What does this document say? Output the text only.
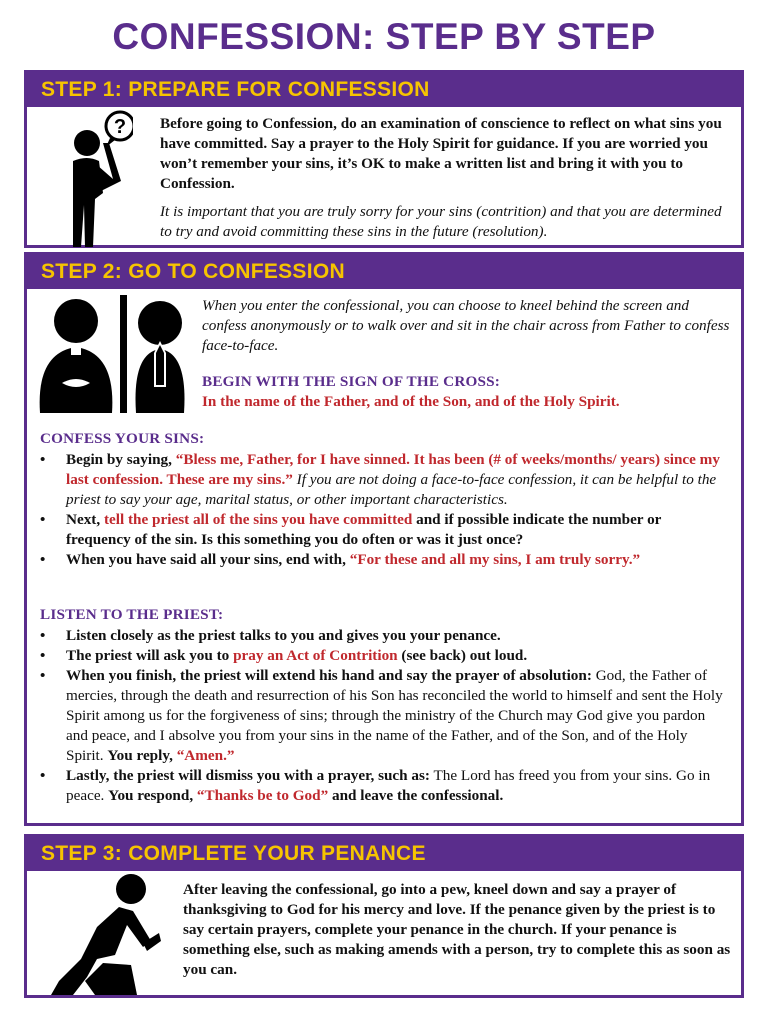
CONFESSION: STEP BY STEP
STEP 1: PREPARE FOR CONFESSION
? Before going to Confession, do an examination of conscience to reflect on what sins you have committed. Say a prayer to the Holy Spirit for guidance. If you are worried you won’t remember your sins, it’s OK to make a written list and bring it with you to Confession.
It is important that you are truly sorry for your sins (contrition) and that you are determined to try and avoid committing these sins in the future (resolution).
STEP 2: GO TO CONFESSION
When you enter the confessional, you can choose to kneel behind the screen and confess anonymously or to walk over and sit in the chair across from Father to confess face-to-face.
BEGIN WITH THE SIGN OF THE CROSS:
In the name of the Father, and of the Son, and of the Holy Spirit.
CONFESS YOUR SINS:
• Begin by saying, “Bless me, Father, for I have sinned. It has been (# of weeks/months/ years) since my last confession. These are my sins.” If you are not doing a face-to-face confession, it can be helpful to the priest to say your age, marital status, or other important characteristics.
• Next, tell the priest all of the sins you have committed and if possible indicate the number or frequency of the sin. Is this something you do often or was it just once?
• When you have said all your sins, end with, “For these and all my sins, I am truly sorry.”
LISTEN TO THE PRIEST:
• Listen closely as the priest talks to you and gives you your penance.
• The priest will ask you to pray an Act of Contrition (see back) out loud.
• When you finish, the priest will extend his hand and say the prayer of absolution: God, the Father of mercies, through the death and resurrection of his Son has reconciled the world to himself and sent the Holy Spirit among us for the forgiveness of sins; through the ministry of the Church may God give you pardon and peace, and I absolve you from your sins in the name of the Father, and of the Son, and of the Holy Spirit. You reply, “Amen.”
• Lastly, the priest will dismiss you with a prayer, such as: The Lord has freed you from your sins. Go in peace. You respond, “Thanks be to God” and leave the confessional.
STEP 3: COMPLETE YOUR PENANCE
After leaving the confessional, go into a pew, kneel down and say a prayer of thanksgiving to God for his mercy and love. If the penance given by the priest is to say certain prayers, complete your penance in the church. If your penance is something else, such as making amends with a person, try to complete this as soon as you can.
